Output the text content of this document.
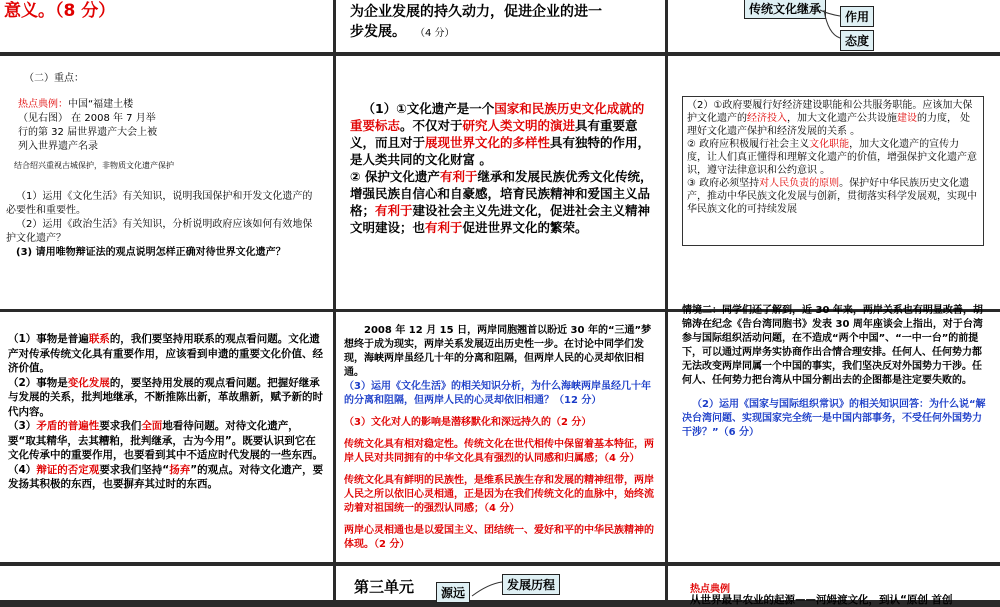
意义。（8 分）	为企业发展的持久动力，促进企业的进一

步发展。 （4 分）

传统文化继承
作用
态度

（二）重点：

热点典例：中国“福建土楼

（见右图） 在 2008 年 7 月举

行的第 32 届世界遗产大会上被

列入世界遗产名录

结合绍兴重视古城保护，非物质文化遗产保护

（1）运用《文化生活》有关知识，说明我国保护和开发文化遗产的必要性和重要性。

（2）运用《政治生活》有关知识，分析说明政府应该如何有效地保护文化遗产？

(3) 请用唯物辩证法的观点说明怎样正确对待世界文化遗产？

（1）①文化遗产是一个国家和民族历史文化成就的重要标志。不仅对于研究人类文明的演进具有重要意义，而且对于展现世界文化的多样性具有独特的作用，是人类共同的文化财富 。

② 保护文化遗产有利于继承和发展民族优秀文化传统，增强民族自信心和自豪感，培育民族精神和爱国主义品格；有利于建设社会主义先进文化，促进社会主义精神文明建设；也有利于促进世界文化的繁荣。

（2）①政府要履行好经济建设职能和公共服务职能。应该加大保护文化遗产的经济投入，加大文化遗产公共设施建设的力度， 处理好文化遗产保护和经济发展的关系 。

② 政府应积极履行社会主义文化职能，加大文化遗产的宣传力度，让人们真正懂得和理解文化遗产的价值，增强保护文化遗产意识，遵守法律意识和公约意识 。

③ 政府必须坚持对人民负责的原则。保护好中华民族历史文化遗产，推动中华民族文化发展与创新，贯彻落实科学发展观，实现中华民族文化的可持续发展

（1）事物是普遍联系的，我们要坚持用联系的观点看问题。文化遗产对传承传统文化具有重要作用，应该看到申遗的重要文化价值、经济价值。

（2）事物是变化发展的，要坚持用发展的观点看问题。把握好继承与发展的关系，批判地继承，不断推陈出新，革故鼎新，赋予新的时代内容。

（3）矛盾的普遍性要求我们全面地看待问题。对待文化遗产，要“取其精华，去其糟粕，批判继承，古为今用”。既要认识到它在文化传承中的重要作用，也要看到其中不适应时代发展的一些东西。

（4）辩证的否定观要求我们坚持“扬弃”的观点。对待文化遗产，要发扬其积极的东西，也要摒弃其过时的东西。

2008 年 12 月 15 日，两岸同胞翘首以盼近 30 年的“三通”梦想终于成为现实，两岸关系发展迈出历史性一步。在讨论中同学们发现，海峡两岸虽经几十年的分离和阻隔，但两岸人民的心灵却依旧相通。

（3）运用《文化生活》的相关知识分析，为什么海峡两岸虽经几十年的分离和阻隔，但两岸人民的心灵却依旧相通？（12 分）

（3）文化对人的影响是潜移默化和深远持久的（2 分）

传统文化具有相对稳定性。传统文化在世代相传中保留着基本特征，两岸人民对共同拥有的中华文化具有强烈的认同感和归属感；（4 分）

传统文化具有鲜明的民族性，是维系民族生存和发展的精神纽带，两岸人民之所以依旧心灵相通，正是因为在我们传统文化的血脉中，始终流动着对祖国统一的强烈认同感；（4 分）

两岸心灵相通也是以爱国主义、团结统一、爱好和平的中华民族精神的体现。（2 分）

情境二：同学们还了解到，近 30 年来，两岸关系也有明显改善，胡锦涛在纪念《告台湾同胞书》发表 30 周年座谈会上指出，对于台湾参与国际组织活动问题，在不造成“两个中国”、“一中一台”的前提下，可以通过两岸务实协商作出合情合理安排。任何人、任何势力都无法改变两岸同属一个中国的事实，我们坚决反对外国势力干涉。任何人、任何势力把台湾从中国分割出去的企图都是注定要失败的。

（2）运用《国家与国际组织常识》的相关知识回答：为什么说“解决台湾问题、实现国家完全统一是中国内部事务，不受任何外国势力干涉？”（6 分）

第三单元	源远
发展历程	热点典例

从世界最早农业的起源——河姆渡文化，到认“原创 首创
